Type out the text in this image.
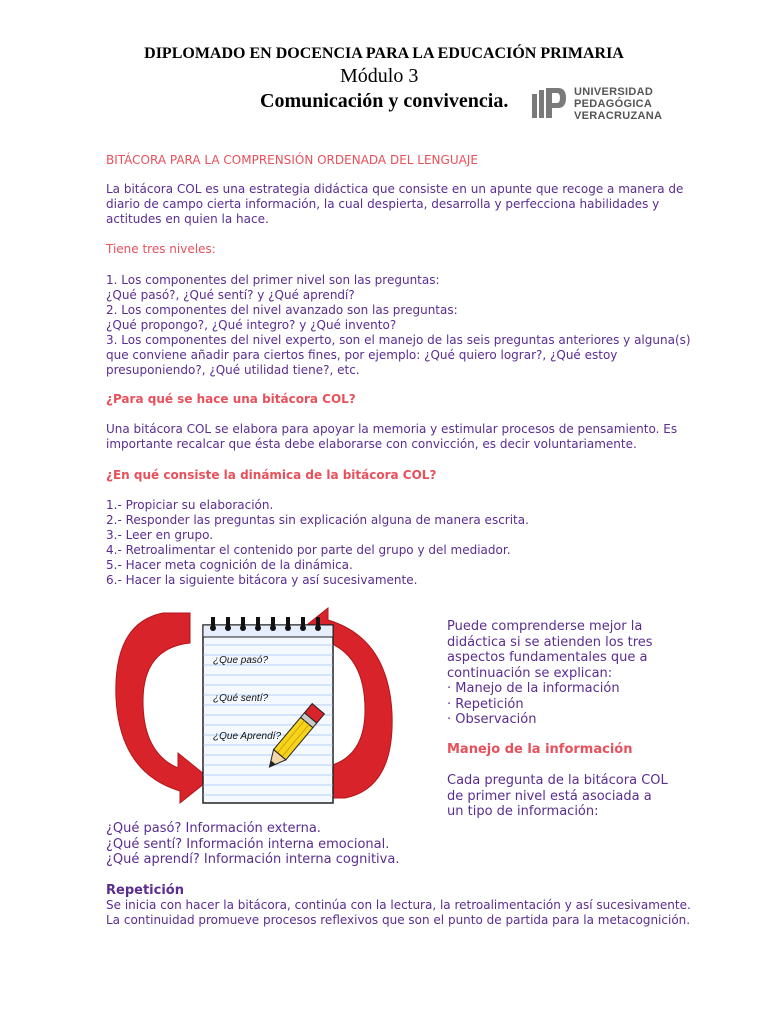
DIPLOMADO EN DOCENCIA PARA LA EDUCACIÓN PRIMARIA
Módulo 3
Comunicación y convivencia.	UNIVERSIDAD
PEDAGÓGICA
VERACRUZANA
BITÁCORA PARA LA COMPRENSIÓN ORDENADA DEL LENGUAJE
La bitácora COL es una estrategia didáctica que consiste en un apunte que recoge a manera de
diario de campo cierta información, la cual despierta, desarrolla y perfecciona habilidades y
actitudes en quien la hace.
Tiene tres niveles:
1. Los componentes del primer nivel son las preguntas:
¿Qué pasó?, ¿Qué sentí? y ¿Qué aprendí?
2. Los componentes del nivel avanzado son las preguntas:
¿Qué propongo?, ¿Qué integro? y ¿Qué invento?
3. Los componentes del nivel experto, son el manejo de las seis preguntas anteriores y alguna(s)
que conviene añadir para ciertos fines, por ejemplo: ¿Qué quiero lograr?, ¿Qué estoy
presuponiendo?, ¿Qué utilidad tiene?, etc.
¿Para qué se hace una bitácora COL?
Una bitácora COL se elabora para apoyar la memoria y estimular procesos de pensamiento. Es
importante recalcar que ésta debe elaborarse con convicción, es decir voluntariamente.
¿En qué consiste la dinámica de la bitácora COL?
1.- Propiciar su elaboración.
2.- Responder las preguntas sin explicación alguna de manera escrita.
3.- Leer en grupo.
4.- Retroalimentar el contenido por parte del grupo y del mediador.
5.- Hacer meta cognición de la dinámica.
6.- Hacer la siguiente bitácora y así sucesivamente.
¿Que pasó?
¿Qué sentí?
¿Que Aprendí?
Puede comprenderse mejor la
didáctica si se atienden los tres
aspectos fundamentales que a
continuación se explican:
· Manejo de la información
· Repetición
· Observación
Manejo de la información
Cada pregunta de la bitácora COL
de primer nivel está asociada a
un tipo de información:
¿Qué pasó? Información externa.
¿Qué sentí? Información interna emocional.
¿Qué aprendí? Información interna cognitiva.
Repetición
Se inicia con hacer la bitácora, continúa con la lectura, la retroalimentación y así sucesivamente.
La continuidad promueve procesos reflexivos que son el punto de partida para la metacognición.
